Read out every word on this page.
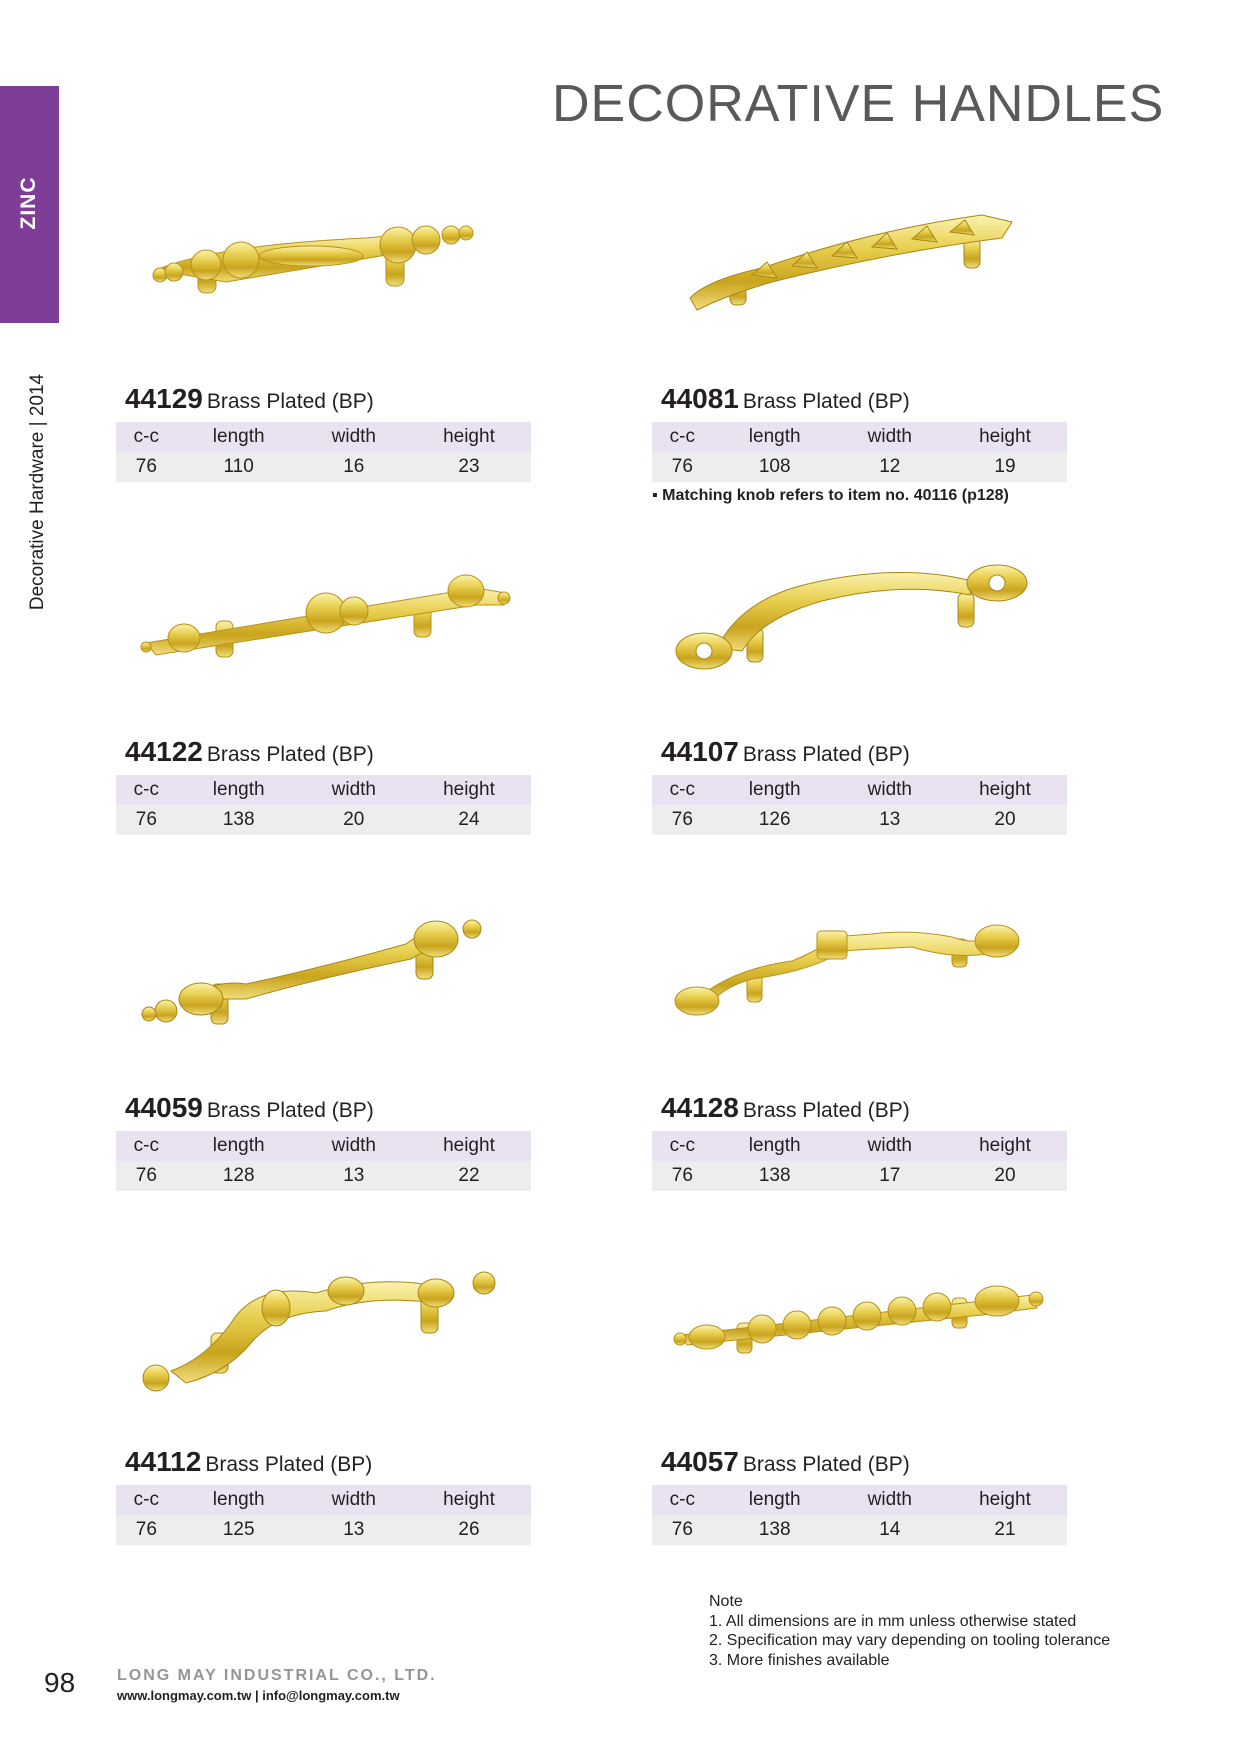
ZINC
Decorative Hardware | 2014
DECORATIVE HANDLES
44129 Brass Plated (BP)
c-c	length	width	height
76	110	16	23
44081 Brass Plated (BP)
c-c	length	width	height
76	108	12	19
▪ Matching knob refers to item no. 40116 (p128)
44122 Brass Plated (BP)
c-c	length	width	height
76	138	20	24
44107 Brass Plated (BP)
c-c	length	width	height
76	126	13	20
44059 Brass Plated (BP)
c-c	length	width	height
76	128	13	22
44128 Brass Plated (BP)
c-c	length	width	height
76	138	17	20
44112 Brass Plated (BP)
c-c	length	width	height
76	125	13	26
44057 Brass Plated (BP)
c-c	length	width	height
76	138	14	21
Note
1. All dimensions are in mm unless otherwise stated
2. Specification may vary depending on tooling tolerance
3. More finishes available
98	LONG MAY INDUSTRIAL CO., LTD.
www.longmay.com.tw | info@longmay.com.tw
